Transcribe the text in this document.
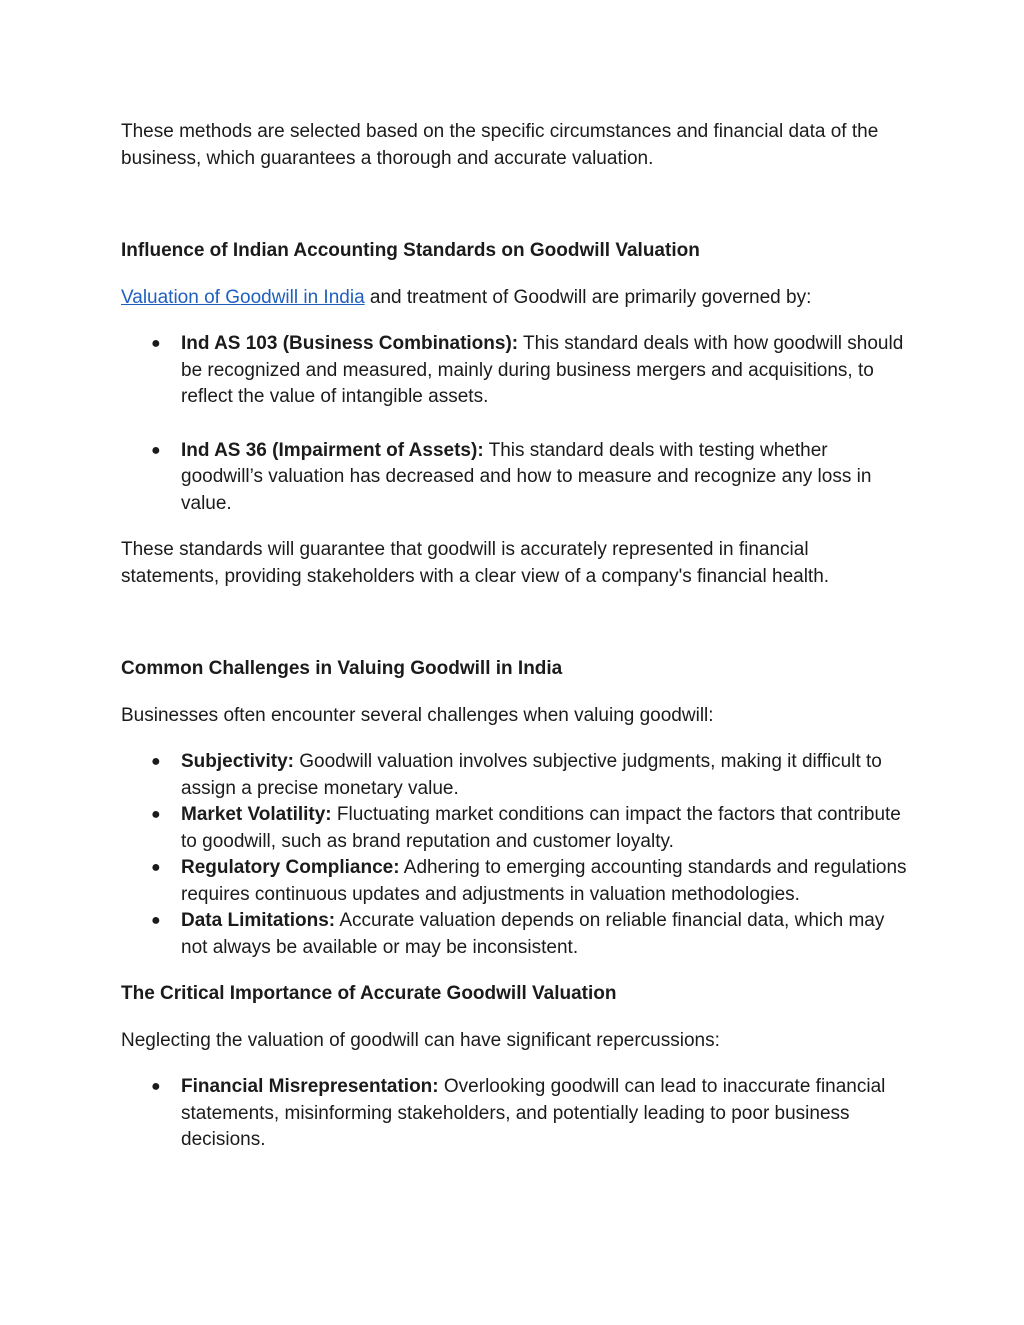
These methods are selected based on the specific circumstances and financial data of the business, which guarantees a thorough and accurate valuation.

Influence of Indian Accounting Standards on Goodwill Valuation

Valuation of Goodwill in India and treatment of Goodwill are primarily governed by:

● Ind AS 103 (Business Combinations): This standard deals with how goodwill should be recognized and measured, mainly during business mergers and acquisitions, to reflect the value of intangible assets.
● Ind AS 36 (Impairment of Assets): This standard deals with testing whether goodwill’s valuation has decreased and how to measure and recognize any loss in value.

These standards will guarantee that goodwill is accurately represented in financial statements, providing stakeholders with a clear view of a company's financial health.

Common Challenges in Valuing Goodwill in India

Businesses often encounter several challenges when valuing goodwill:

● Subjectivity: Goodwill valuation involves subjective judgments, making it difficult to assign a precise monetary value.
● Market Volatility: Fluctuating market conditions can impact the factors that contribute to goodwill, such as brand reputation and customer loyalty.
● Regulatory Compliance: Adhering to emerging accounting standards and regulations requires continuous updates and adjustments in valuation methodologies.
● Data Limitations: Accurate valuation depends on reliable financial data, which may not always be available or may be inconsistent.
The Critical Importance of Accurate Goodwill Valuation

Neglecting the valuation of goodwill can have significant repercussions:

● Financial Misrepresentation: Overlooking goodwill can lead to inaccurate financial statements, misinforming stakeholders, and potentially leading to poor business decisions.
